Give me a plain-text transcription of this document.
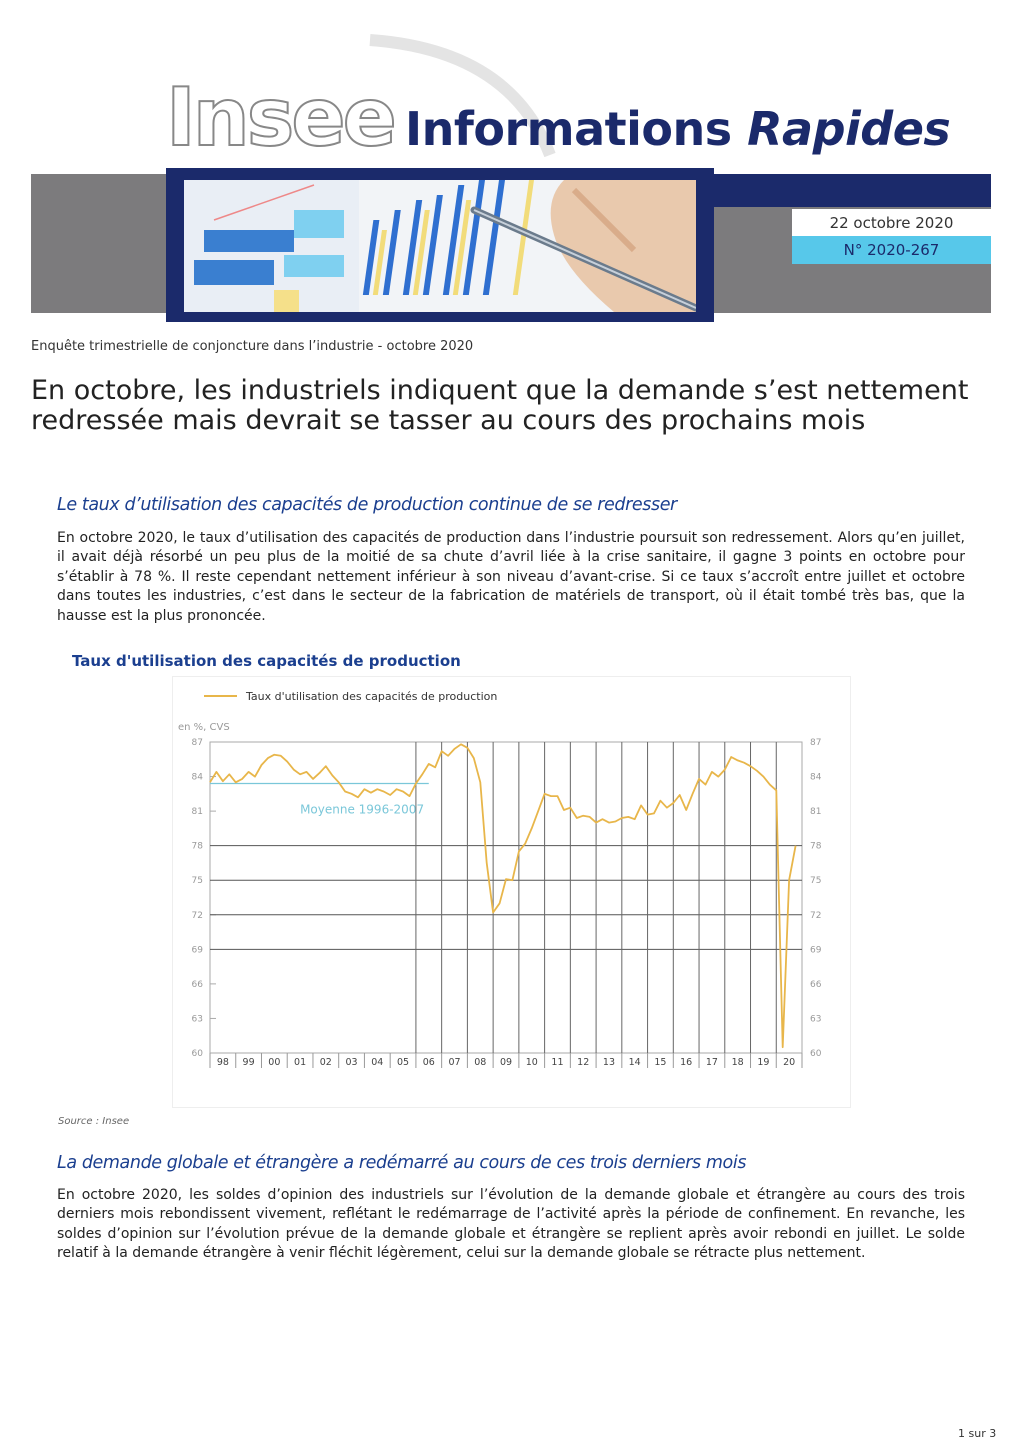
Insee Informations Rapides
22 octobre 2020
N° 2020-267
Enquête trimestrielle de conjoncture dans l’industrie - octobre 2020
En octobre, les industriels indiquent que la demande s’est nettement redressée mais devrait se tasser au cours des prochains mois
Le taux d’utilisation des capacités de production continue de se redresser
En octobre 2020, le taux d’utilisation des capacités de production dans l’industrie poursuit son redressement. Alors qu’en juillet, il avait déjà résorbé un peu plus de la moitié de sa chute d’avril liée à la crise sanitaire, il gagne 3 points en octobre pour s’établir à 78 %. Il reste cependant nettement inférieur à son niveau d’avant-crise. Si ce taux s’accroît entre juillet et octobre dans toutes les industries, c’est dans le secteur de la fabrication de matériels de transport, où il était tombé très bas, que la hausse est la plus prononcée.
Taux d'utilisation des capacités de production
Taux d'utilisation des capacités de production
en %, CVS
60	60
63	63
66	66
69	69
72	72
75	75
78	78
81	81
84	84
87	87
98 99 00 01 02 03 04 05 06 07 08 09 10 11 12 13 14 15 16 17 18 19 20
Moyenne 1996-2007
Source : Insee
La demande globale et étrangère a redémarré au cours de ces trois derniers mois
En octobre 2020, les soldes d’opinion des industriels sur l’évolution de la demande globale et étrangère au cours des trois derniers mois rebondissent vivement, reflétant le redémarrage de l’activité après la période de confinement. En revanche, les soldes d’opinion sur l’évolution prévue de la demande globale et étrangère se replient après avoir rebondi en juillet. Le solde relatif à la demande étrangère à venir fléchit légèrement, celui sur la demande globale se rétracte plus nettement.
1 sur 3
